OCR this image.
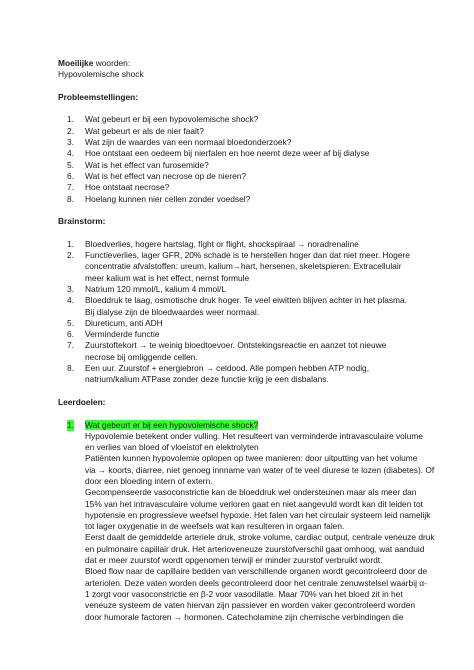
Moeilijke woorden:
Hypovolemische shock
Probleemstellingen:
1. Wat gebeurt er bij een hypovolemische shock?
2. Wat gebeurt er als de nier faalt?
3. Wat zijn de waardes van een normaal bloedonderzoek?
4. Hoe ontstaat een oedeem bij nierfalen en hoe neemt deze weer af bij dialyse
5. Wat is het effect van furosemide?
6. Wat is het effect van necrose op de nieren?
7. Hoe ontstaat necrose?
8. Hoelang kunnen nier cellen zonder voedsel?
Brainstorm:
1. Bloedverlies, hogere hartslag, fight or flight, shockspiraal → noradrenaline
2. Functieverlies, lager GFR, 20% schade is te herstellen hoger dan dat niet meer. Hogere
concentratie afvalstoffen: ureum, kalium→hart, hersenen, skeletspieren. Extracellulair
meer kalium wat is het effect, nernst formule
3. Natrium 120 mmol/L, kalium 4 mmol/L
4. Bloeddruk te laag, osmotische druk hoger. Te veel eiwitten blijven achter in het plasma.
Bij dialyse zijn de bloedwaardes weer normaal.
5. Diureticum, anti ADH
6. Verminderde functie
7. Zuurstoftekort → te weinig bloedtoevoer. Ontstekingsreactie en aanzet tot nieuwe
necrose bij omliggende cellen.
8. Een uur. Zuurstof + energiebron → celdood. Alle pompen hebben ATP nodig,
natrium/kalium ATPase zonder deze functie krijg je een disbalans.
Leerdoelen:
1. Wat gebeurt er bij een hypovolemische shock?
Hypovolemie betekent onder vulling. Het resulteert van verminderde intravasculaire volume
en verlies van bloed of vloeistof en elektrolyten
Patiënten kunnen hypovolemie oplopen op twee manieren: door uitputting van het volume
via → koorts, diarree, niet genoeg innname van water of te veel diurese te lozen (diabetes). Of
door een bloeding intern of extern.
Gecompenseerde vasoconstrictie kan de bloeddruk wel ondersteunen maar als meer dan
15% van het intravasculaire volume verloren gaat en niet aangevuld wordt kan dit leiden tot
hypotensie en progressieve weefsel hypoxie. Het falen van het circulair systeem leid namelijk
tot lager oxygenatie in de weefsels wat kan resulteren in orgaan falen.
Eerst daalt de gemiddelde arteriele druk, stroke volume, cardiac output, centrale veneuze druk
en pulmonaire capillair druk. Het arterioveneuze zuurstofverschil gaat omhoog, wat aanduid
dat er meer zuurstof wordt opgenomen terwijl er minder zuurstof verbruikt wordt.
Bloed flow naar de capillaire bedden van verschillende organen wordt gecontroleerd door de
arteriolen. Deze vaten worden deels gecontroleerd door het centrale zenuwstelsel waarbij α-
1 zorgt voor vasoconstrictie en β-2 voor vasodilatie. Maar 70% van het bloed zit in het
veneuze systeem de vaten hiervan zijn passiever en worden vaker gecontroleerd worden
door humorale factoren → hormonen. Catecholamine zijn chemische verbindingen die
